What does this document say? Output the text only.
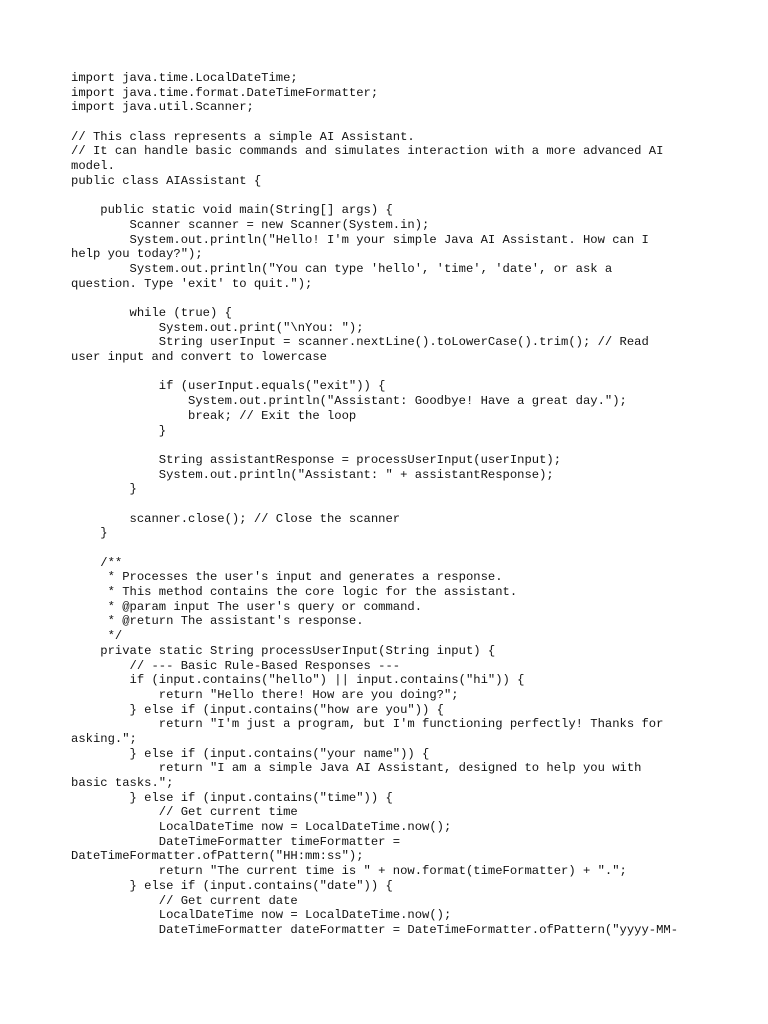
import java.time.LocalDateTime;
import java.time.format.DateTimeFormatter;
import java.util.Scanner;
// This class represents a simple AI Assistant.
// It can handle basic commands and simulates interaction with a more advanced AI
model.
public class AIAssistant {
public static void main(String[] args) {
Scanner scanner = new Scanner(System.in);
System.out.println("Hello! I'm your simple Java AI Assistant. How can I
help you today?");
System.out.println("You can type 'hello', 'time', 'date', or ask a
question. Type 'exit' to quit.");
while (true) {
System.out.print("\nYou: ");
String userInput = scanner.nextLine().toLowerCase().trim(); // Read
user input and convert to lowercase
if (userInput.equals("exit")) {
System.out.println("Assistant: Goodbye! Have a great day.");
break; // Exit the loop
}
String assistantResponse = processUserInput(userInput);
System.out.println("Assistant: " + assistantResponse);
}
scanner.close(); // Close the scanner
}
/**
* Processes the user's input and generates a response.
* This method contains the core logic for the assistant.
* @param input The user's query or command.
* @return The assistant's response.
*/
private static String processUserInput(String input) {
// --- Basic Rule-Based Responses ---
if (input.contains("hello") || input.contains("hi")) {
return "Hello there! How are you doing?";
} else if (input.contains("how are you")) {
return "I'm just a program, but I'm functioning perfectly! Thanks for
asking.";
} else if (input.contains("your name")) {
return "I am a simple Java AI Assistant, designed to help you with
basic tasks.";
} else if (input.contains("time")) {
// Get current time
LocalDateTime now = LocalDateTime.now();
DateTimeFormatter timeFormatter =
DateTimeFormatter.ofPattern("HH:mm:ss");
return "The current time is " + now.format(timeFormatter) + ".";
} else if (input.contains("date")) {
// Get current date
LocalDateTime now = LocalDateTime.now();
DateTimeFormatter dateFormatter = DateTimeFormatter.ofPattern("yyyy-MM-
